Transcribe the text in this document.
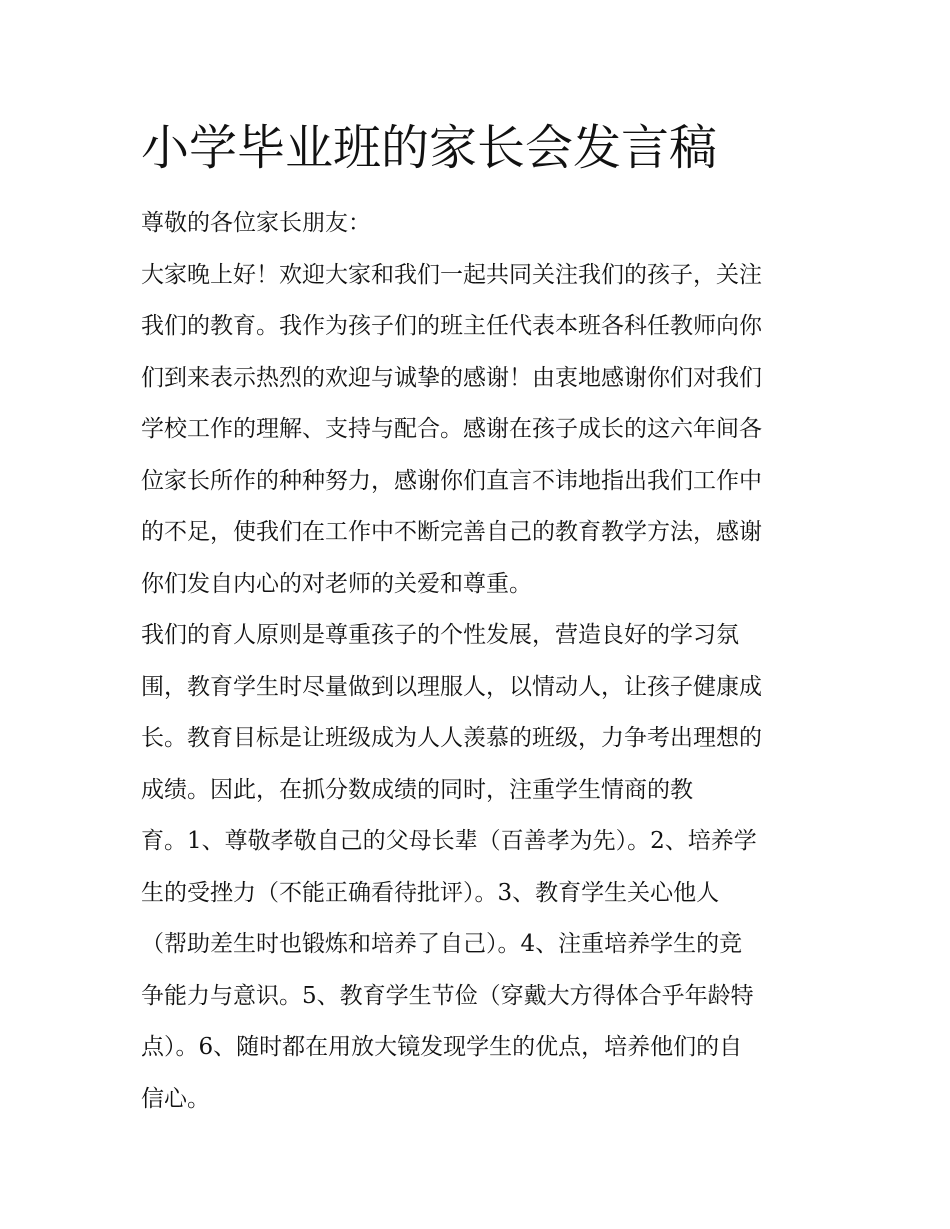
小学毕业班的家长会发言稿
尊敬的各位家长朋友：
大家晚上好！欢迎大家和我们一起共同关注我们的孩子，关注
我们的教育。我作为孩子们的班主任代表本班各科任教师向你
们到来表示热烈的欢迎与诚挚的感谢！由衷地感谢你们对我们
学校工作的理解、支持与配合。感谢在孩子成长的这六年间各
位家长所作的种种努力，感谢你们直言不讳地指出我们工作中
的不足，使我们在工作中不断完善自己的教育教学方法，感谢
你们发自内心的对老师的关爱和尊重。
我们的育人原则是尊重孩子的个性发展，营造良好的学习氛
围，教育学生时尽量做到以理服人，以情动人，让孩子健康成
长。教育目标是让班级成为人人羡慕的班级，力争考出理想的
成绩。因此，在抓分数成绩的同时，注重学生情商的教
育。1、尊敬孝敬自己的父母长辈（百善孝为先）。2、培养学
生的受挫力（不能正确看待批评）。3、教育学生关心他人
（帮助差生时也锻炼和培养了自己）。4、注重培养学生的竞
争能力与意识。5、教育学生节俭（穿戴大方得体合乎年龄特
点）。6、随时都在用放大镜发现学生的优点，培养他们的自
信心。
